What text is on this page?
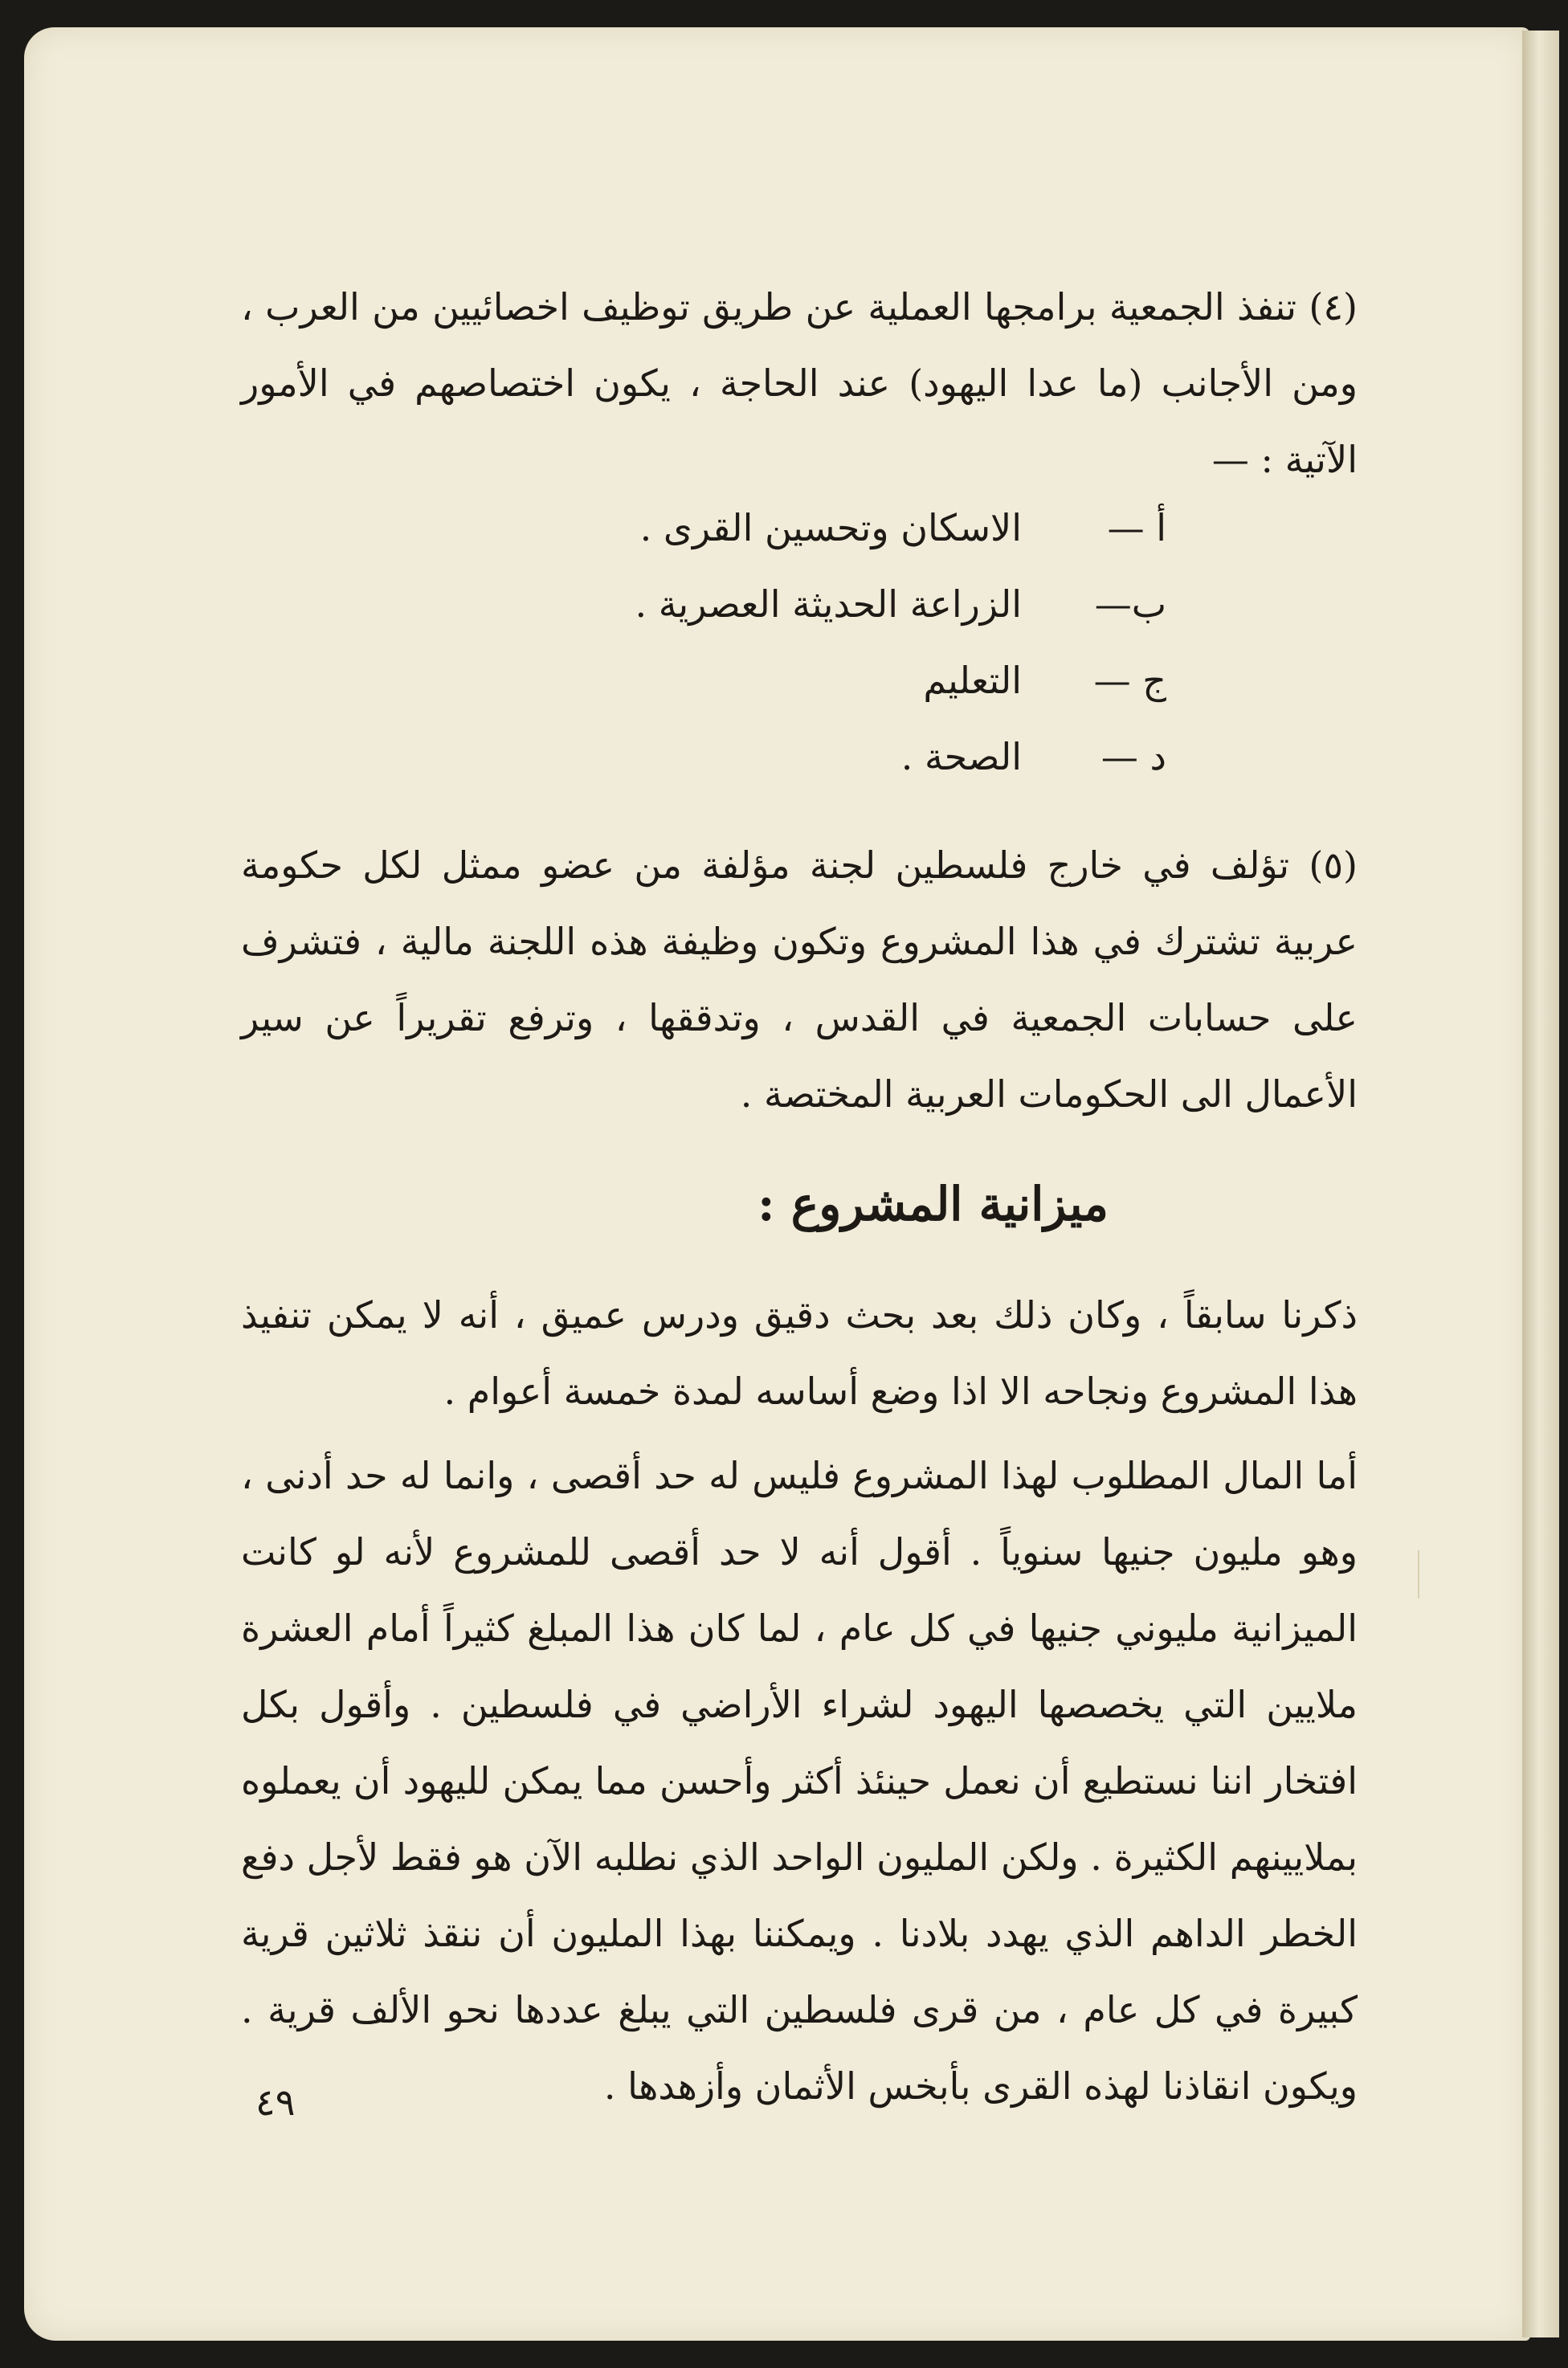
(٤) تنفذ الجمعية برامجها العملية عن طريق توظيف اخصائيين من العرب ، ومن الأجانب (ما عدا اليهود) عند الحاجة ، يكون اختصاصهم في الأمور الآتية : —

أ —
الاسكان وتحسين القرى .
ب—
الزراعة الحديثة العصرية .
ج —
التعليم
د —
الصحة .

(٥) تؤلف في خارج فلسطين لجنة مؤلفة من عضو ممثل لكل حكومة عربية تشترك في هذا المشروع وتكون وظيفة هذه اللجنة مالية ، فتشرف على حسابات الجمعية في القدس ، وتدققها ، وترفع تقريراً عن سير الأعمال الى الحكومات العربية المختصة .

ميزانية المشروع :

ذكرنا سابقاً ، وكان ذلك بعد بحث دقيق ودرس عميق ، أنه لا يمكن تنفيذ هذا المشروع ونجاحه الا اذا وضع أساسه لمدة خمسة أعوام .

أما المال المطلوب لهذا المشروع فليس له حد أقصى ، وانما له حد أدنى ، وهو مليون جنيها سنوياً . أقول أنه لا حد أقصى للمشروع لأنه لو كانت الميزانية مليوني جنيها في كل عام ، لما كان هذا المبلغ كثيراً أمام العشرة ملايين التي يخصصها اليهود لشراء الأراضي في فلسطين . وأقول بكل افتخار اننا نستطيع أن نعمل حينئذ أكثر وأحسن مما يمكن لليهود أن يعملوه بملايينهم الكثيرة . ولكن المليون الواحد الذي نطلبه الآن هو فقط لأجل دفع الخطر الداهم الذي يهدد بلادنا . ويمكننا بهذا المليون أن ننقذ ثلاثين قرية كبيرة في كل عام ، من قرى فلسطين التي يبلغ عددها نحو الألف قرية . ويكون انقاذنا لهذه القرى بأبخس الأثمان وأزهدها .

٤٩
